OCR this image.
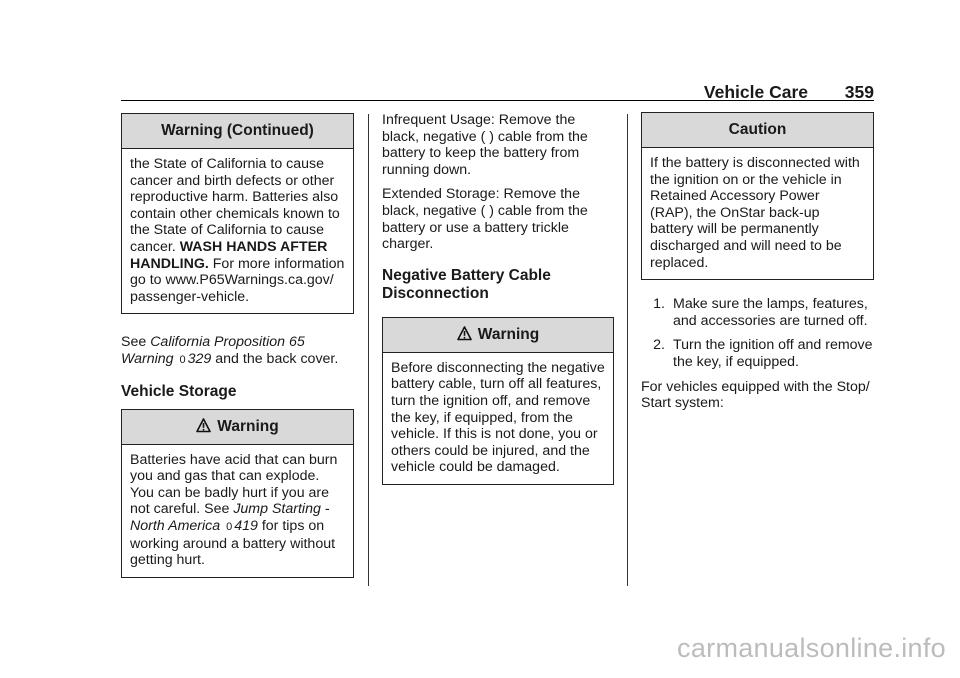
Vehicle Care 359
Warning (Continued)
the State of California to cause cancer and birth defects or other reproductive harm. Batteries also contain other chemicals known to the State of California to cause cancer. WASH HANDS AFTER HANDLING. For more information go to www.P65Warnings.ca.gov/ passenger-vehicle.

See California Proposition 65 Warning 0 329 and the back cover.

Vehicle Storage
Warning
Batteries have acid that can burn you and gas that can explode. You can be badly hurt if you are not careful. See Jump Starting - North America 0 419 for tips on working around a battery without getting hurt.

Infrequent Usage: Remove the black, negative ( ) cable from the battery to keep the battery from running down.

Extended Storage: Remove the black, negative ( ) cable from the battery or use a battery trickle charger.

Negative Battery Cable Disconnection
Warning
Before disconnecting the negative battery cable, turn off all features, turn the ignition off, and remove the key, if equipped, from the vehicle. If this is not done, you or others could be injured, and the vehicle could be damaged.
Caution
If the battery is disconnected with the ignition on or the vehicle in Retained Accessory Power (RAP), the OnStar back-up battery will be permanently discharged and will need to be replaced.
1. Make sure the lamps, features, and accessories are turned off.
2. Turn the ignition off and remove the key, if equipped.

For vehicles equipped with the Stop/ Start system:

carmanualsonline.info
